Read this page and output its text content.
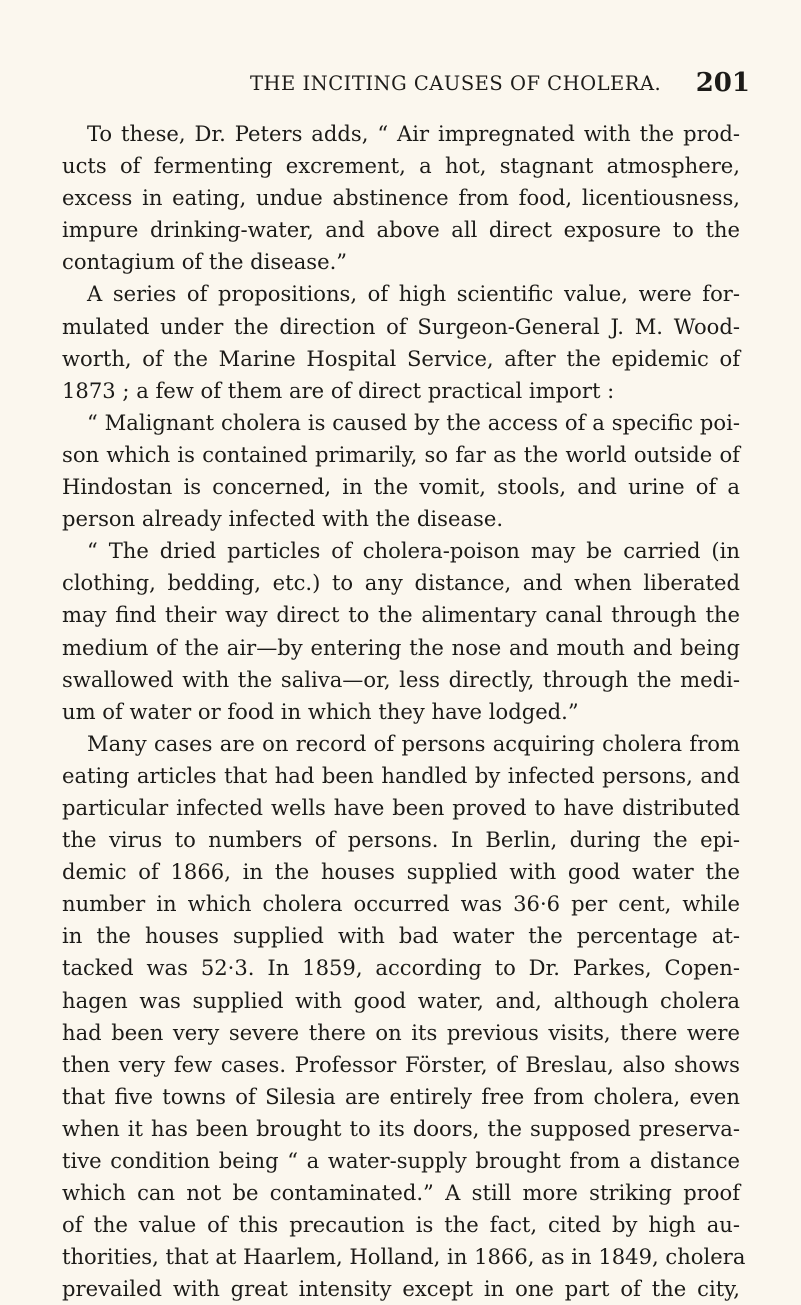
THE INCITING CAUSES OF CHOLERA. 201
To these, Dr. Peters adds, “ Air impregnated with the prod-
ucts of fermenting excrement, a hot, stagnant atmosphere,
excess in eating, undue abstinence from food, licentiousness,
impure drinking-water, and above all direct exposure to the
contagium of the disease.”
A series of propositions, of high scientific value, were for-
mulated under the direction of Surgeon-General J. M. Wood-
worth, of the Marine Hospital Service, after the epidemic of
1873 ; a few of them are of direct practical import :
“ Malignant cholera is caused by the access of a specific poi-
son which is contained primarily, so far as the world outside of
Hindostan is concerned, in the vomit, stools, and urine of a
person already infected with the disease.
“ The dried particles of cholera-poison may be carried (in
clothing, bedding, etc.) to any distance, and when liberated
may find their way direct to the alimentary canal through the
medium of the air—by entering the nose and mouth and being
swallowed with the saliva—or, less directly, through the medi-
um of water or food in which they have lodged.”
Many cases are on record of persons acquiring cholera from
eating articles that had been handled by infected persons, and
particular infected wells have been proved to have distributed
the virus to numbers of persons. In Berlin, during the epi-
demic of 1866, in the houses supplied with good water the
number in which cholera occurred was 36·6 per cent, while
in the houses supplied with bad water the percentage at-
tacked was 52·3. In 1859, according to Dr. Parkes, Copen-
hagen was supplied with good water, and, although cholera
had been very severe there on its previous visits, there were
then very few cases. Professor Förster, of Breslau, also shows
that five towns of Silesia are entirely free from cholera, even
when it has been brought to its doors, the supposed preserva-
tive condition being “ a water-supply brought from a distance
which can not be contaminated.” A still more striking proof
of the value of this precaution is the fact, cited by high au-
thorities, that at Haarlem, Holland, in 1866, as in 1849, cholera
prevailed with great intensity except in one part of the city,
